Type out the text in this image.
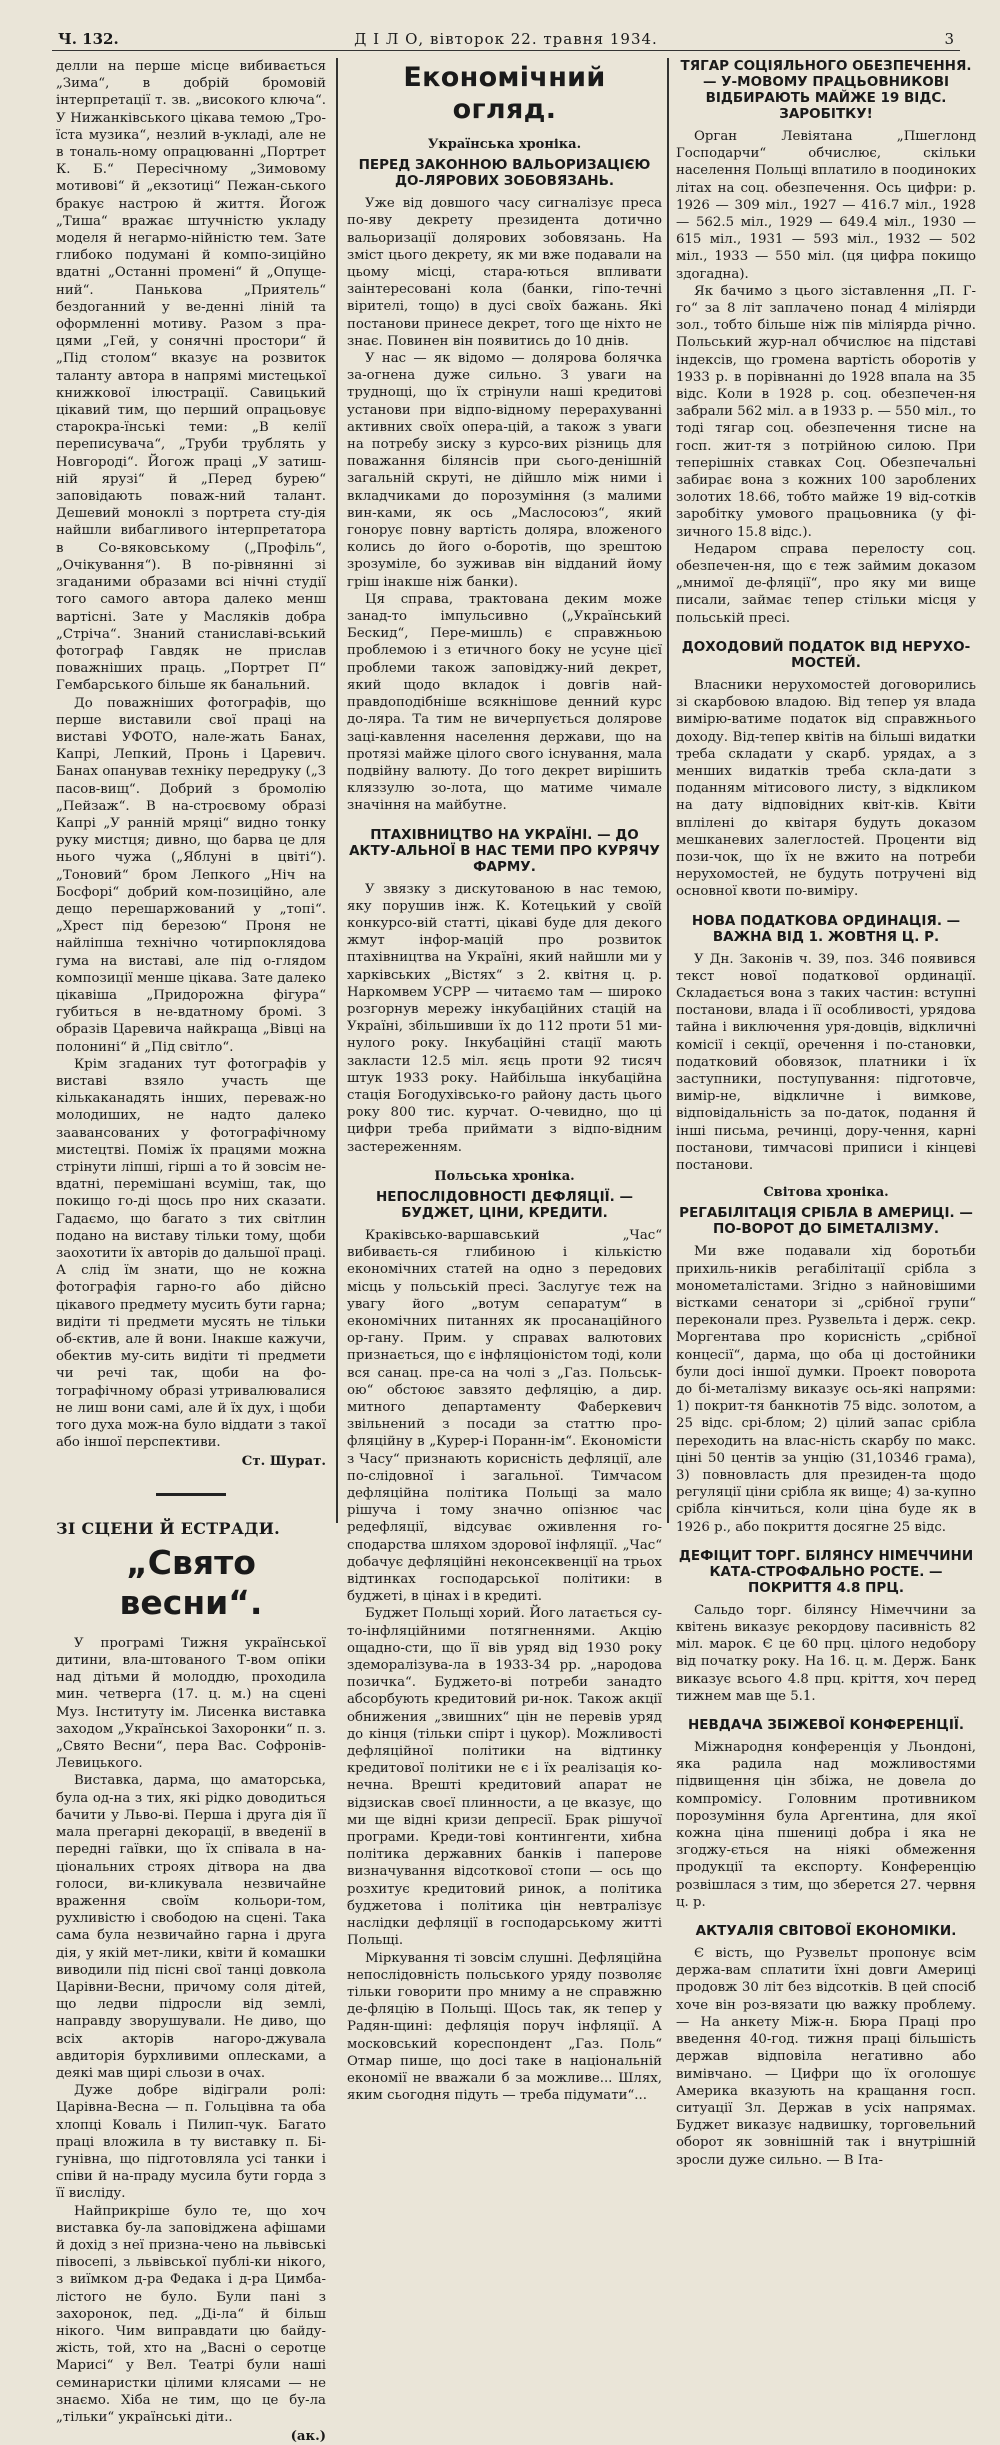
Ч. 132.	Д І Л О, вівторок 22. травня 1934.	3

делли на перше місце вибивається „Зима“, в добрій бромовій інтерпретації т. зв. „високого ключа“. У Нижанківського цікава темою „Тро-їста музика“, незлий в-укладі, але не в тональ-ному опрацюванні „Портрет К. Б.“ Пересічному „Зимовому мотивові“ й „екзотиці“ Пежан-ського бракує настрою й життя. Йогож „Тиша“ вражає штучністю укладу моделя й негармо-нійністю тем. Зате глибоко подумані й компо-зиційно вдатні „Останні промені“ й „Опуще-ний“. Панькова „Приятель“ бездоганний у ве-денні ліній та оформленні мотиву. Разом з пра-цями „Гей, у сонячні простори“ й „Під столом“ вказує на розвиток таланту автора в напрямі мистецької книжкової ілюстрації. Савицький цікавий тим, що перший опрацьовує старокра-їнські теми: „В келії переписувача“, „Труби трублять у Новгороді“. Йогож праці „У затиш-ній ярузі“ й „Перед бурею“ заповідають поваж-ний талант. Дешевий моноклі з портрета сту-дія найшли вибагливого інтерпретатора в Со-вяковському („Профіль“, „Очікування“). В по-рівнянні зі згаданими образами всі нічні студії того самого автора далеко менш вартісні. Зате у Масляків добра „Стріча“. Знаний станиславі-вський фотограф Гавдяк не прислав поважніших праць. „Портрет П“ Гембарського більше як банальний.

До поважніших фотографів, що перше виставили свої праці на виставі УФОТО, нале-жать Банах, Капрі, Лепкий, Пронь і Царевич. Банах опанував техніку передруку („З пасов-вищ“. Добрий з бромолію „Пейзаж“. В на-строєвому образі Капрі „У ранній мряці“ видно тонку руку мистця; дивно, що барва це для нього чужа („Яблуні в цвіті“). „Тоновий“ бром Лепкого „Ніч на Босфорі“ добрий ком-позиційно, але дещо перешаржований у „топі“. „Хрест під березою“ Проня не найліпша технічно чотирпоклядова гума на виставі, але під о-глядом композиції менше цікава. Зате далеко цікавіша „Придорожна фігура“ губиться в не-вдатному бромі. З образів Царевича найкраща „Вівці на полонині“ й „Під світло“.

Крім згаданих тут фотографів у виставі взяло участь ще кількаканадять інших, переваж-но молодиших, не надто далеко заавансованих у фотографічному мистецтві. Поміж їх працями можна стрінути ліпші, гірші а то й зовсім не-вдатні, перемішані всуміш, так, що покищо го-ді щось про них сказати. Гадаємо, що багато з тих світлин подано на виставу тільки тому, щоби заохотити їх авторів до дальшої праці. А слід їм знати, що не кожна фотографія гарно-го або дійсно цікавого предмету мусить бути гарна; видіти ті предмети мусять не тільки об-єктив, але й вони. Інакше кажучи, обектив му-сить видіти ті предмети чи речі так, щоби на фо-тографічному образі утривалювалися не лиш вони самі, але й їх дух, і щоби того духа мож-на було віддати з такої або іншої перспективи.

Ст. Шурат.
ЗІ СЦЕНИ Й ЕСТРАДИ.
„Свято весни“.

У програмі Тижня української дитини, вла-штованого Т-вом опіки над дітьми й молоддю, проходила мин. четверга (17. ц. м.) на сцені Муз. Інституту ім. Лисенка виставка заходом „Українськоі Захоронки“ п. з. „Свято Весни“, пера Вас. Софронів-Левицького.

Виставка, дарма, що аматорська, була од-на з тих, які рідко доводиться бачити у Льво-ві. Перша і друга дія її мала прегарні декорації, в введенії в передні гаївки, що їх співала в на-ціональних строях дітвора на два голоси, ви-кликувала незвичайне враження своїм кольори-том, рухливістю і свободою на сцені. Така сама була незвичайно гарна і друга дія, у якій мет-лики, квіти й комашки виводили під пісні свої танці довкола Царівни-Весни, причому соля дітей, що ледви підросли від землі, направду зворушували. Не диво, що всіх акторів нагоро-джувала авдиторія бурхливими оплесками, а деякі мав щирі сльози в очах.

Дуже добре відіграли ролі: Царівна-Весна — п. Гольцівна та оба хлопці Коваль і Пилип-чук. Багато праці вложила в ту виставку п. Бі-гунівна, що підготовляла усі танки і співи й на-праду мусила бути горда з її висліду.

Найприкріше було те, що хоч виставка бу-ла заповіджена афішами й дохід з неї призна-чено на львівські півосепі, з львівської публі-ки нікого, з виїмком д-ра Федака і д-ра Цимба-лістого не було. Були пані з захоронок, пед. „Ді-ла“ й більш нікого. Чим виправдати цю байду-жість, той, хто на „Васні о серотце Марисі“ у Вел. Театрі були наші семинаристки цілими клясами — не знаємо. Хіба не тим, що це бу-ла „тільки“ українські діти..

(ак.)
Економічний огляд.
Українська хроніка.
ПЕРЕД ЗАКОННОЮ ВАЛЬОРИЗАЦІЄЮ ДО-ЛЯРОВИХ ЗОБОВЯЗАНЬ.

Уже від довшого часу сигналізує преса по-яву декрету президента дотично вальоризації долярових зобовязань. На зміст цього декрету, як ми вже подавали на цьому місці, стара-ються впливати заінтересовані кола (банки, гіпо-течні вірителі, тощо) в дусі своїх бажань. Які постанови принесе декрет, того ще ніхто не знає. Повинен він появитись до 10 днів.

У нас — як відомо — долярова болячка за-огнена дуже сильно. З уваги на труднощі, що їх стрінули наші кредитові установи при відпо-відному перерахуванні активних своїх опера-цій, а також з уваги на потребу зиску з курсо-вих різниць для поважання білянсів при сього-денішній загальній скруті, не дійшло між ними і вкладчиками до порозуміння (з малими вин-ками, як ось „Маслосоюз“, який гонорує повну вартість доляра, вложеного колись до його о-боротів, що зрештою зрозуміле, бо зуживав він відданий йому гріш інакше ніж банки).

Ця справа, трактована деким може занад-то імпульсивно („Український Бескид“, Пере-мишль) є справжньою проблемою і з етичного боку не усуне цієї проблеми також заповіджу-ний декрет, який щодо вкладок і довгів най-правдоподібніше всякнішове денний курс до-ляра. Та тим не вичерпується долярове заці-кавлення населення держави, що на протязі майже цілого свого існування, мала подвійну валюту. До того декрет вирішить кляззулю зо-лота, що матиме чимале значіння на майбутне.

ПТАХІВНИЦТВО НА УКРАЇНІ. — ДО АКТУ-АЛЬНОЇ В НАС ТЕМИ ПРО КУРЯЧУ ФАРМУ.

У звязку з дискутованою в нас темою, яку порушив інж. К. Котецький у своїй конкурсо-вій статті, цікаві буде для декого жмут інфор-мацій про розвиток птахівництва на Україні, який найшли ми у харківських „Вістях“ з 2. квітня ц. р. Наркомвем УСРР — читаємо там — широко розгорнув мережу інкубаційних стацій на Україні, збільшивши їх до 112 проти 51 ми-нулого року. Інкубаційні стації мають закласти 12.5 міл. яєць проти 92 тисяч штук 1933 року. Найбільша інкубаційна стація Богодухівсько-го району дасть цього року 800 тис. курчат. О-чевидно, що ці цифри треба приймати з відпо-відним застереженням.

Польська хроніка.
НЕПОСЛІДОВНОСТІ ДЕФЛЯЦІЇ. — БУДЖЕТ, ЦІНИ, КРЕДИТИ.

Краківсько-варшавський „Час“ вибиваєть-ся глибиною і кількістю економічних статей на одно з передових місць у польській пресі. Заслугує теж на увагу його „вотум сепаратум“ в економічних питаннях як просанаційного ор-гану. Прим. у справах валютових признається, що є інфляціоністом тоді, коли вся санац. пре-са на чолі з „Газ. Польськ-ою“ обстоює завзято дефляцію, а дир. митного департаменту Фаберкевич звільнений з посади за статтю про-фляційну в „Курер-і Поранн-ім“. Економісти з Часу“ признають корисність дефляції, але по-слідовної і загальної. Тимчасом дефляційна політика Польщі за мало рішуча і тому значно опізнює час редефляції, відсуває оживлення го-сподарства шляхом здорової інфляції. „Час“ добачує дефляційні неконсеквенції на трьох відтинках господарської політики: в буджеті, в цінах і в кредиті.

Буджет Польщі хорий. Його латається су-то-інфляційними потягненнями. Акцію ощадно-сти, що її вів уряд від 1930 року здеморалізува-ла в 1933-34 рр. „народова позичка“. Буджето-ві потреби занадто абсорбують кредитовий ри-нок. Також акції обнижения „звишних“ цін не перевів уряд до кінця (тільки спірт і цукор). Можливості дефляційної політики на відтинку кредитової політики не є і їх реалізація ко-нечна. Врешті кредитовий апарат не відзискав своєї плинности, а це вказує, що ми ще відні кризи депресії. Брак рішучої програми. Креди-тові контингенти, хибна політика державних банків і паперове визначування відсоткової стопи — ось що розхитує кредитовий ринок, а політика буджетова і політика цін невтралізує наслідки дефляції в господарському житті Польщі.

Міркування ті зовсім слушні. Дефляційна непослідовність польського уряду позволяє тільки говорити про мниму а не справжню де-фляцію в Польщі. Щось так, як тепер у Радян-щині: дефляція поруч інфляції. А московський кореспондент „Газ. Поль“ Отмар пише, що досі таке в національній економії не вважали б за можливе... Шлях, яким сьогодня підуть — треба підумати“...

ТЯГАР СОЦІЯЛЬНОГО ОБЕЗПЕЧЕННЯ. — У-МОВОМУ ПРАЦЬОВНИКОВІ ВІДБИРАЮТЬ МАЙЖЕ 19 ВІДС. ЗАРОБІТКУ!

Орган Левіятана „Пшеглонд Господарчи“ обчислює, скільки населення Польщі вплатило в поодиноких літах на соц. обезпечення. Ось цифри: р. 1926 — 309 міл., 1927 — 416.7 міл., 1928 — 562.5 міл., 1929 — 649.4 міл., 1930 — 615 міл., 1931 — 593 міл., 1932 — 502 міл., 1933 — 550 міл. (ця цифра покищо здогадна).

Як бачимо з цього зіставлення „П. Г-го“ за 8 літ заплачено понад 4 міліярди зол., тобто більше ніж пів міліярда річно. Польський жур-нал обчислює на підставі індексів, що громена вартість оборотів у 1933 р. в порівнанні до 1928 впала на 35 відс. Коли в 1928 р. соц. обезпечен-ня забрали 562 міл. а в 1933 р. — 550 міл., то тоді тягар соц. обезпечення тисне на госп. жит-тя з потрійною силою. При теперішніх ставках Соц. Обезпечальні забирає вона з кожних 100 зароблених золотих 18.66, тобто майже 19 від-сотків заробітку умового працьовника (у фі-зичного 15.8 відс.).

Недаром справа перелосту соц. обезпечен-ня, що є теж займим доказом „мнимої де-фляції“, про яку ми вище писали, займає тепер стільки місця у польській пресі.

ДОХОДОВИЙ ПОДАТОК ВІД НЕРУХО-МОСТЕЙ.

Власники нерухомостей договорились зі скарбовою владою. Від тепер уя влада вимірю-ватиме податок від справжнього доходу. Від-тепер квітів на більші видатки треба складати у скарб. урядах, а з менших видатків треба скла-дати з поданням мітисового листу, з відкликом на дату відповідних квіт-ків. Квіти вплілені до квітаря будуть доказом мешканевих залеглостей. Проценти від пози-чок, що їх не вжито на потреби нерухомостей, не будуть потручені від основної квоти по-виміру.

НОВА ПОДАТКОВА ОРДИНАЦІЯ. — ВАЖНА ВІД 1. ЖОВТНЯ Ц. Р.

У Дн. Законів ч. 39, поз. 346 появився текст нової податкової ординації. Складається вона з таких частин: вступні постанови, влада і її особливості, урядова тайна і виключення уря-довців, відкличні комісії і секції, оречення і по-становки, податковий обовязок, платники і їх заступники, поступування: підготовче, вимір-не, відкличне і вимкове, відповідальність за по-даток, подання й інші письма, речинці, дору-чення, карні постанови, тимчасові приписи і кінцеві постанови.

Світова хроніка.
РЕГАБІЛІТАЦІЯ СРІБЛА В АМЕРИЦІ. — ПО-ВОРОТ ДО БІМЕТАЛІЗМУ.

Ми вже подавали хід боротьби прихиль-ників регабілітації срібла з монометалістами. Згідно з найновішими вістками сенатори зі „срібної групи“ переконали през. Рузвельта і держ. секр. Моргентава про корисність „срібної концесії“, дарма, що оба ці достойники були досі іншої думки. Проект поворота до бі-металізму виказує ось-які напрями: 1) покрит-тя банкнотів 75 відс. золотом, а 25 відс. срі-блом; 2) цілий запас срібла переходить на влас-ність скарбу по макс. ціні 50 центів за унцію (31,10346 грама), 3) повновласть для президен-та щодо регуляції ціни срібла як вище; 4) за-купно срібла кінчиться, коли ціна буде як в 1926 р., або покриття досягне 25 відс.

ДЕФІЦИТ ТОРГ. БІЛЯНСУ НІМЕЧЧИНИ КАТА-СТРОФАЛЬНО РОСТЕ. — ПОКРИТТЯ 4.8 ПРЦ.

Сальдо торг. білянсу Німеччини за квітень виказує рекордову пасивність 82 міл. марок. Є це 60 прц. цілого недобору від початку року. На 16. ц. м. Держ. Банк виказує всього 4.8 прц. кріття, хоч перед тижнем мав ще 5.1.

НЕВДАЧА ЗБІЖЕВОЇ КОНФЕРЕНЦІЇ.

Міжнародня конференція у Льондоні, яка радила над можливостями підвищення цін збіжа, не довела до компромісу. Головним противником порозуміння була Аргентина, для якої кожна ціна пшениці добра і яка не згоджу-ється на ніякі обмеження продукції та експорту. Конференцію розвішлася з тим, що зберется 27. червня ц. р.

АКТУАЛІЯ СВІТОВОЇ ЕКОНОМІКИ.

Є вість, що Рузвельт пропонує всім держа-вам сплатити їхні довги Америці продовж 30 літ без відсотків. В цей спосіб хоче він роз-вязати цю важку проблему. — На анкету Між-н. Бюра Праці про введення 40-год. тижня праці більшість держав відповіла негативно або вимівчано. — Цифри що їх оголошує Америка вказують на кращання госп. ситуації Зл. Держав в усіх напрямах. Буджет виказує надвишку, торговельний оборот як зовнішній так і внутрішній зросли дуже сильно. — В Іта-
